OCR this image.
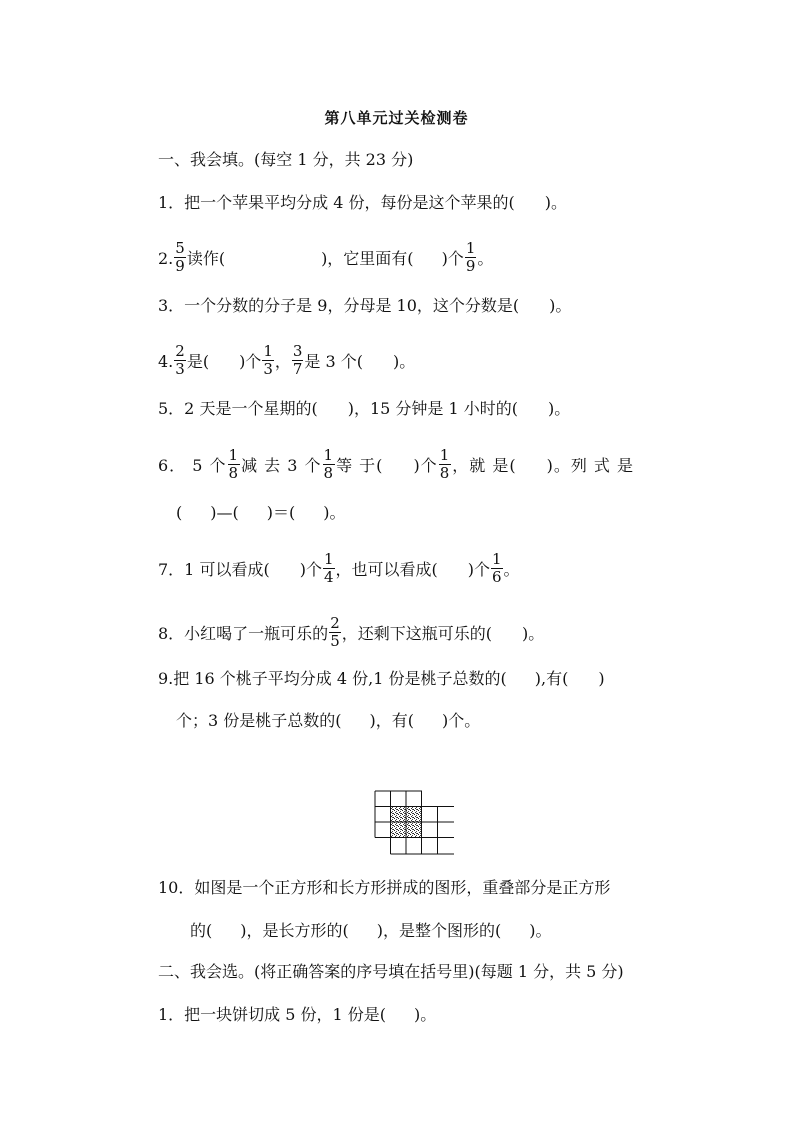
第八单元过关检测卷
一、我会填。(每空 1 分，共 23 分)
1．把一个苹果平均分成 4 份，每份是这个苹果的( )。
2. $\frac{5}{9}$ 读作(	)，它里面有( )个 $\frac{1}{9}$ 。
3．一个分数的分子是 9，分母是 10，这个分数是( )。
4. $\frac{2}{3}$ 是( )个 $\frac{1}{3}$ ， $\frac{3}{7}$ 是 3 个( )。
5．2 天是一个星期的( )，15 分钟是 1 小时的( )。
6． 5 个 $\frac{1}{8}$ 减 去 3 个 $\frac{1}{8}$ 等 于( )个 $\frac{1}{8}$ ，就 是( )。列 式 是
( )—( )＝( )。
7．1 可以看成( )个 $\frac{1}{4}$ ，也可以看成( )个 $\frac{1}{6}$ 。
8．小红喝了一瓶可乐的 $\frac{2}{5}$ ，还剩下这瓶可乐的( )。
9.把 16 个桃子平均分成 4 份,1 份是桃子总数的( ),有( )
个；3 份是桃子总数的( )，有( )个。
10．如图是一个正方形和长方形拼成的图形，重叠部分是正方形
的( )，是长方形的( )，是整个图形的( )。
二、我会选。(将正确答案的序号填在括号里)(每题 1 分，共 5 分)
1．把一块饼切成 5 份，1 份是( )。
